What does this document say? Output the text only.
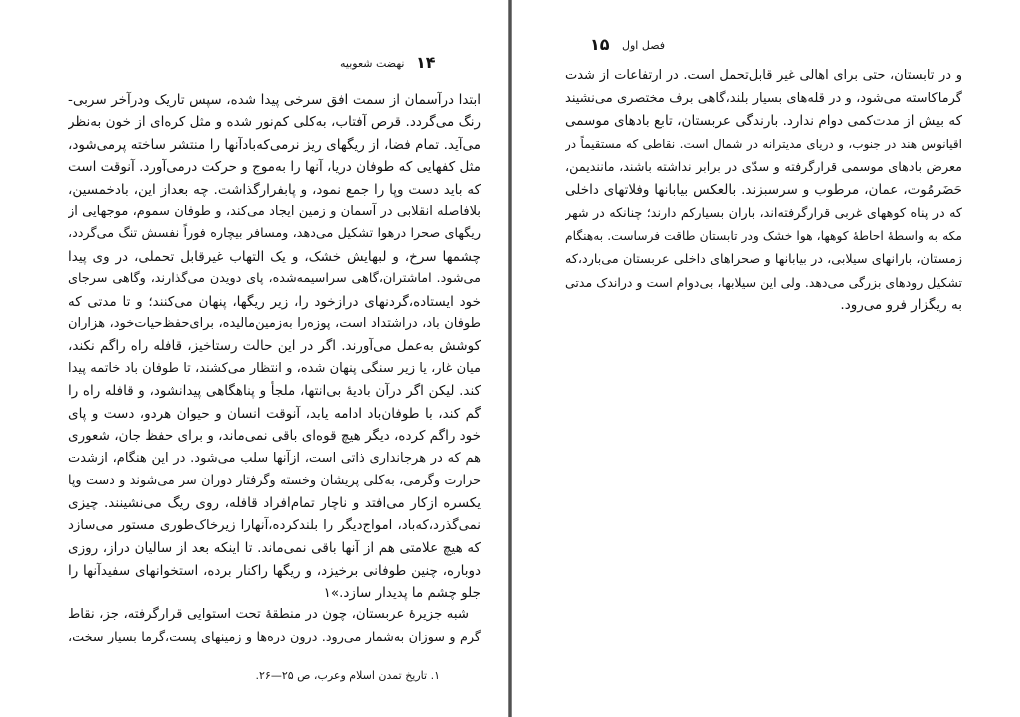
۱۴
نهضت شعوبیه
ابتدا درآسمان از سمت افق سرخی پیدا شده، سپس تاریک ودرآخر سربی-
رنگ می‌گردد. قرص آفتاب، به‌کلی کم‌نور شده و مثل کره‌ای از خون به‌نظر
می‌آید. تمام فضا، از ریگهای ریز نرمی‌که‌بادآنها را منتشر ساخته پرمی‌شود،
مثل کفهایی که طوفان دریا، آنها را به‌موج و حرکت درمی‌آورد. آنوقت است
که باید دست وپا را جمع نمود، و پابفرارگذاشت. چه بعداز این، بادخمسین،
بلافاصله انقلابی در آسمان و زمین ایجاد می‌کند، و طوفان سموم، موجهایی از
ریگهای صحرا درهوا تشکیل می‌دهد، ومسافر بیچاره فوراً نفسش تنگ می‌گردد،
چشمها سرخ، و لبهایش خشک، و یک التهاب غیرقابل تحملی، در وی پیدا
می‌شود. اماشتران،گاهی سراسیمه‌شده، پای دویدن می‌گذارند، وگاهی سرجای
خود ایستاده،گردنهای درازخود را، زیر ریگها، پنهان می‌کنند؛ و تا مدتی که
طوفان باد، دراشتداد است، پوزه‌را به‌زمین‌مالیده، برای‌حفظ‌حیات‌خود، هزاران
کوشش به‌عمل می‌آورند. اگر در این حالت رستاخیز، قافله راه راگم نکند،
میان غار، یا زیر سنگی پنهان شده، و انتظار می‌کشند، تا طوفان باد خاتمه پیدا
کند. لیکن اگر درآن بادیهٔ بی‌انتها، ملجأ و پناهگاهی پیدانشود، و قافله راه را
گم کند، با طوفان‌باد ادامه یابد، آنوقت انسان و حیوان هردو، دست و پای
خود راگم کرده، دیگر هیچ قوه‌ای باقی نمی‌ماند، و برای حفظ جان، شعوری
هم که در هرجانداری ذاتی است، ازآنها سلب می‌شود. در این هنگام، ازشدت
حرارت وگرمی، به‌کلی پریشان وخسته وگرفتار دوران سر می‌شوند و دست وپا
یکسره ازکار می‌افتد و ناچار تمام‌افراد قافله، روی ریگ می‌نشینند. چیزی
نمی‌گذرد،که‌باد، امواج‌دیگر را بلندکرده،آنهارا زیرخاک‌طوری مستور می‌سازد
که هیچ علامتی هم از آنها باقی نمی‌ماند. تا اینکه بعد از سالیان دراز، روزی
دوباره، چنین طوفانی برخیزد، و ریگها راکنار برده، استخوانهای سفیدآنها را
جلو چشم ما پدیدار سازد.»۱
شبه جزیرهٔ عربستان، چون در منطقهٔ تحت استوایی قرارگرفته، جز، نقاط
گرم و سوزان به‌شمار می‌رود. درون دره‌ها و زمینهای پست،گرما بسیار سخت،
۱. تاریخ تمدن اسلام وعرب، ص ۲۵—۲۶.
۱۵ فصل اول
و در تابستان، حتی برای اهالی غیر قابل‌تحمل است. در ارتفاعات از شدت
گرماکاسته می‌شود، و در قله‌های بسیار بلند،گاهی برف مختصری می‌نشیند
که بیش از مدت‌کمی دوام ندارد. بارندگی عربستان، تابع بادهای موسمی
اقیانوس هند در جنوب، و دریای مدیترانه در شمال است. نقاطی که مستقیماً در
معرض بادهای موسمی قرارگرفته و سدّی در برابر نداشته باشند، مانندیمن،
حَضَرمُوت، عمان، مرطوب و سرسبزند. بالعکس بیابانها وفلاتهای داخلی
که در پناه کوههای غربی قرارگرفته‌اند، باران بسیارکم دارند؛ چنانکه در شهر
مکه به واسطهٔ احاطهٔ کوهها، هوا خشک ودر تابستان طاقت فرساست. به‌هنگام
زمستان، بارانهای سیلابی، در بیابانها و صحراهای داخلی عربستان می‌بارد،که
تشکیل رودهای بزرگی می‌دهد. ولی این سیلابها، بی‌دوام است و دراندک مدتی
به ریگزار فرو می‌رود.
